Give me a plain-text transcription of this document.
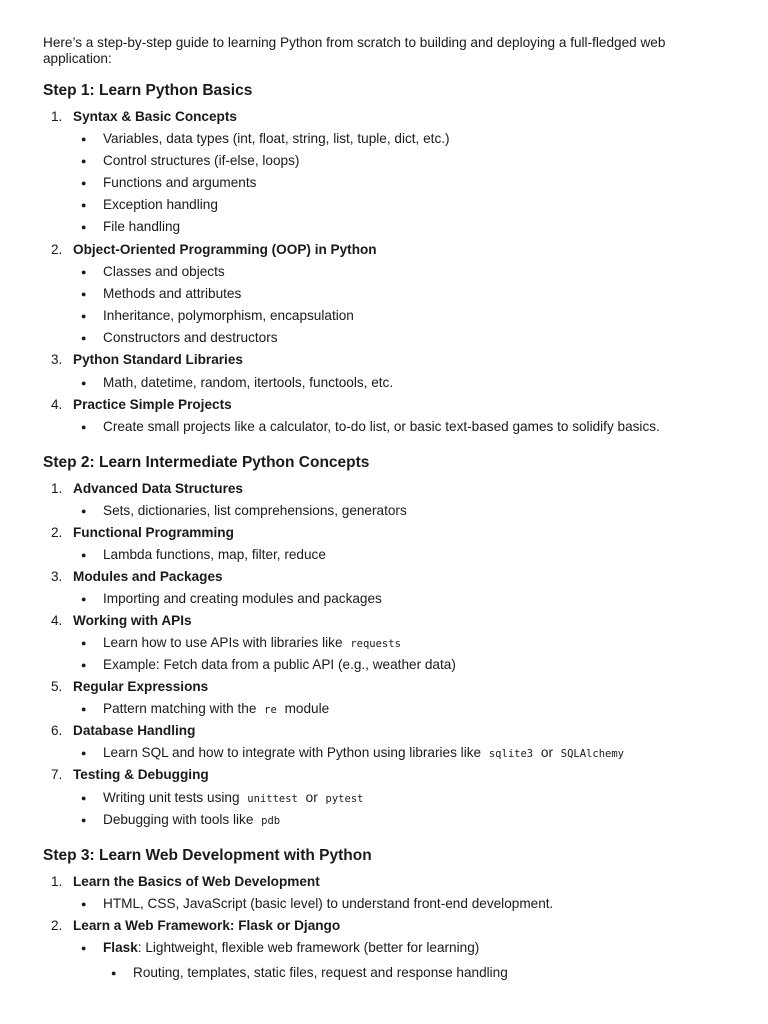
Here’s a step-by-step guide to learning Python from scratch to building and deploying a full-fledged web application:

Step 1: Learn Python Basics
1. Syntax & Basic Concepts
● Variables, data types (int, float, string, list, tuple, dict, etc.)
● Control structures (if-else, loops)
● Functions and arguments
● Exception handling
● File handling
2. Object-Oriented Programming (OOP) in Python
● Classes and objects
● Methods and attributes
● Inheritance, polymorphism, encapsulation
● Constructors and destructors
3. Python Standard Libraries
● Math, datetime, random, itertools, functools, etc.
4. Practice Simple Projects
● Create small projects like a calculator, to-do list, or basic text-based games to solidify basics.
Step 2: Learn Intermediate Python Concepts
1. Advanced Data Structures
● Sets, dictionaries, list comprehensions, generators
2. Functional Programming
● Lambda functions, map, filter, reduce
3. Modules and Packages
● Importing and creating modules and packages
4. Working with APIs
● Learn how to use APIs with libraries like requests
● Example: Fetch data from a public API (e.g., weather data)
5. Regular Expressions
● Pattern matching with the re module
6. Database Handling
● Learn SQL and how to integrate with Python using libraries like sqlite3 or SQLAlchemy
7. Testing & Debugging
● Writing unit tests using unittest or pytest
● Debugging with tools like pdb
Step 3: Learn Web Development with Python
1. Learn the Basics of Web Development
● HTML, CSS, JavaScript (basic level) to understand front-end development.
2. Learn a Web Framework: Flask or Django
● Flask: Lightweight, flexible web framework (better for learning)
● Routing, templates, static files, request and response handling
